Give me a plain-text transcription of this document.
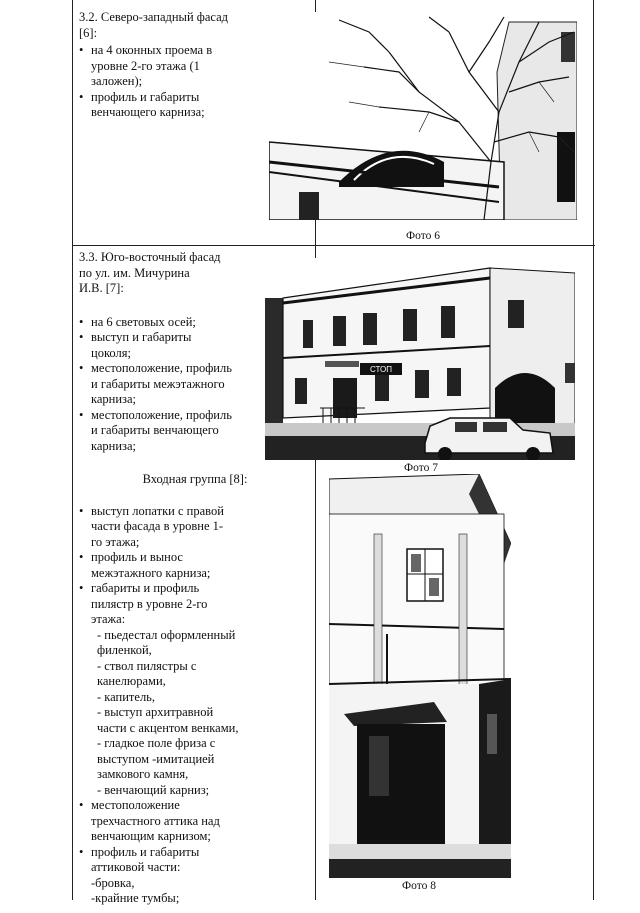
3.2. Северо-западный фасад
[6]:
• на 4 оконных проема в
уровне 2-го этажа (1
заложен);
• профиль и габариты
венчающего карниза;
Фото 6
3.3. Юго-восточный фасад
по ул. им. Мичурина
И.В. [7]:
• на 6 световых осей;
• выступ и габариты
цоколя;
• местоположение, профиль
и габариты межэтажного
карниза;
• местоположение, профиль
и габариты венчающего
карниза;
Входная группа [8]:
• выступ лопатки с правой
части фасада в уровне 1-
го этажа;
• профиль и вынос
межэтажного карниза;
• габариты и профиль
пилястр в уровне 2-го
этажа:
- пьедестал оформленный
филенкой,
- ствол пилястры с
канелюрами,
- капитель,
- выступ архитравной
части с акцентом венками,
- гладкое поле фриза с
выступом -имитацией
замкового камня,
- венчающий карниз;
• местоположение
трехчастного аттика над
венчающим карнизом;
• профиль и габариты
аттиковой части:
-бровка,
-крайние тумбы;
СТОП
Фото 7
Фото 8
